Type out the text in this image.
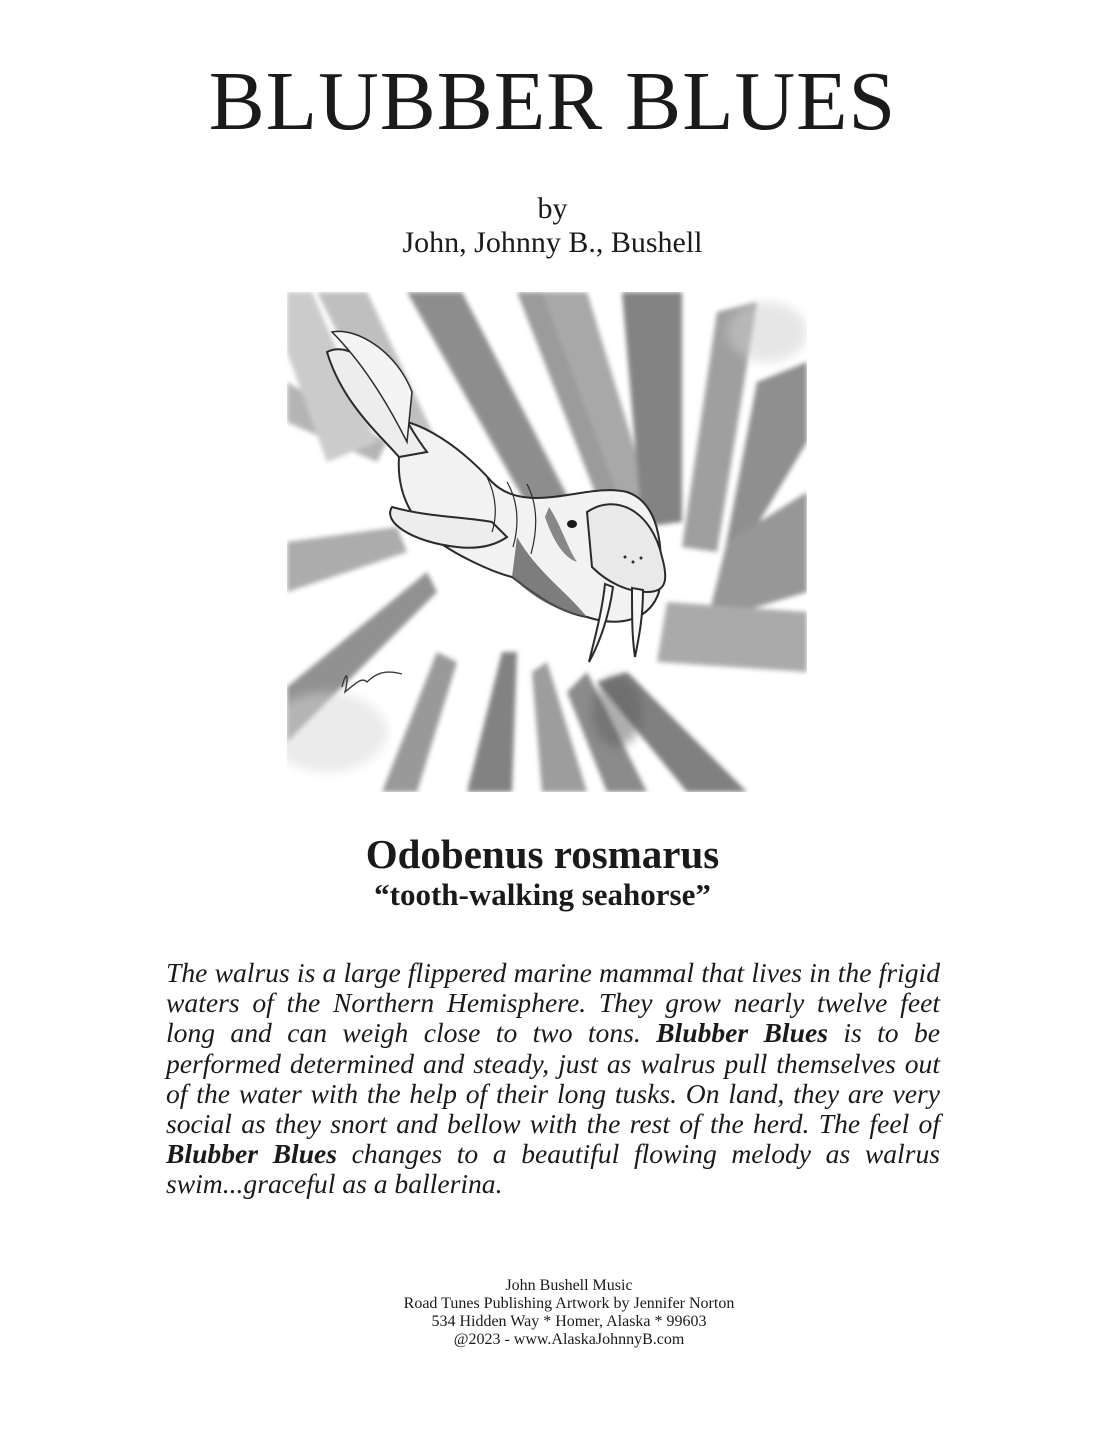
BLUBBER BLUES
by
John, Johnny B., Bushell
Odobenus rosmarus
“tooth-walking seahorse”

The walrus is a large flippered marine mammal that lives in the frigid waters of the Northern Hemisphere. They grow nearly twelve feet long and can weigh close to two tons. Blubber Blues is to be performed determined and steady, just as walrus pull themselves out of the water with the help of their long tusks. On land, they are very social as they snort and bellow with the rest of the herd. The feel of Blubber Blues changes to a beautiful flowing melody as walrus swim...graceful as a ballerina.

John Bushell Music
Road Tunes Publishing Artwork by Jennifer Norton
534 Hidden Way * Homer, Alaska * 99603
@2023 - www.AlaskaJohnnyB.com
